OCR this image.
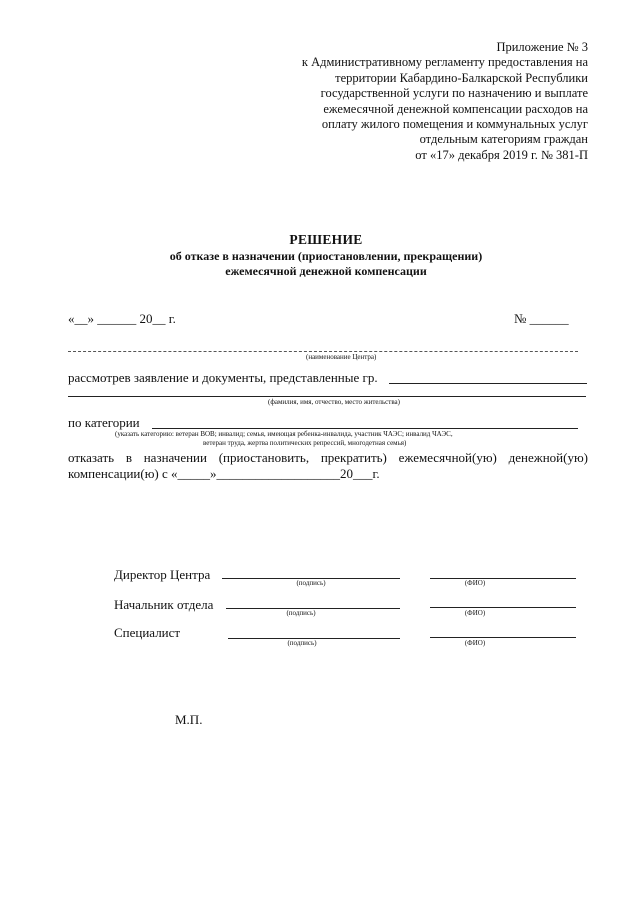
Приложение № 3
к Административному регламенту предоставления на
территории Кабардино-Балкарской Республики
государственной услуги по назначению и выплате
ежемесячной денежной компенсации расходов на
оплату жилого помещения и коммунальных услуг
отдельным категориям граждан
от «17» декабря 2019 г. № 381-П
РЕШЕНИЕ
об отказе в назначении (приостановлении, прекращении)
ежемесячной денежной компенсации
«__» ______ 20__ г.	№ ______
(наименование Центра)
рассмотрев заявление и документы, представленные гр.
(фамилия, имя, отчество, место жительства)
по категории
(указать категорию: ветеран ВОВ; инвалид; семья, имеющая ребенка-инвалида, участник ЧАЭС; инвалид ЧАЭС,
ветеран труда, жертва политических репрессий, многодетная семья)
отказать в назначении (приостановить, прекратить) ежемесячной(ую) денежной(ую)
компенсации(ю) с «_____»___________________20___г.
Директор Центра
(подпись)	(ФИО)
Начальник отдела
(подпись)	(ФИО)
Специалист
(подпись)	(ФИО)
М.П.
